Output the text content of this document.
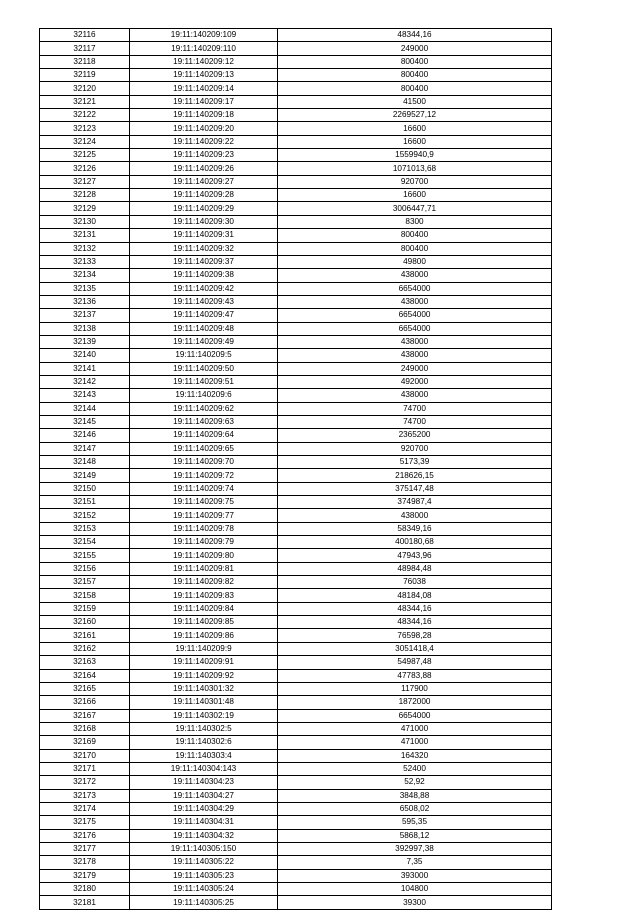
32116	19:11:140209:109	48344,16
32117	19:11:140209:110	249000
32118	19:11:140209:12	800400
32119	19:11:140209:13	800400
32120	19:11:140209:14	800400
32121	19:11:140209:17	41500
32122	19:11:140209:18	2269527,12
32123	19:11:140209:20	16600
32124	19:11:140209:22	16600
32125	19:11:140209:23	1559940,9
32126	19:11:140209:26	1071013,68
32127	19:11:140209:27	920700
32128	19:11:140209:28	16600
32129	19:11:140209:29	3006447,71
32130	19:11:140209:30	8300
32131	19:11:140209:31	800400
32132	19:11:140209:32	800400
32133	19:11:140209:37	49800
32134	19:11:140209:38	438000
32135	19:11:140209:42	6654000
32136	19:11:140209:43	438000
32137	19:11:140209:47	6654000
32138	19:11:140209:48	6654000
32139	19:11:140209:49	438000
32140	19:11:140209:5	438000
32141	19:11:140209:50	249000
32142	19:11:140209:51	492000
32143	19:11:140209:6	438000
32144	19:11:140209:62	74700
32145	19:11:140209:63	74700
32146	19:11:140209:64	2365200
32147	19:11:140209:65	920700
32148	19:11:140209:70	5173,39
32149	19:11:140209:72	218626,15
32150	19:11:140209:74	375147,48
32151	19:11:140209:75	374987,4
32152	19:11:140209:77	438000
32153	19:11:140209:78	58349,16
32154	19:11:140209:79	400180,68
32155	19:11:140209:80	47943,96
32156	19:11:140209:81	48984,48
32157	19:11:140209:82	76038
32158	19:11:140209:83	48184,08
32159	19:11:140209:84	48344,16
32160	19:11:140209:85	48344,16
32161	19:11:140209:86	76598,28
32162	19:11:140209:9	3051418,4
32163	19:11:140209:91	54987,48
32164	19:11:140209:92	47783,88
32165	19:11:140301:32	117900
32166	19:11:140301:48	1872000
32167	19:11:140302:19	6654000
32168	19:11:140302:5	471000
32169	19:11:140302:6	471000
32170	19:11:140303:4	164320
32171	19:11:140304:143	52400
32172	19:11:140304:23	52,92
32173	19:11:140304:27	3848,88
32174	19:11:140304:29	6508,02
32175	19:11:140304:31	595,35
32176	19:11:140304:32	5868,12
32177	19:11:140305:150	392997,38
32178	19:11:140305:22	7,35
32179	19:11:140305:23	393000
32180	19:11:140305:24	104800
32181	19:11:140305:25	39300
